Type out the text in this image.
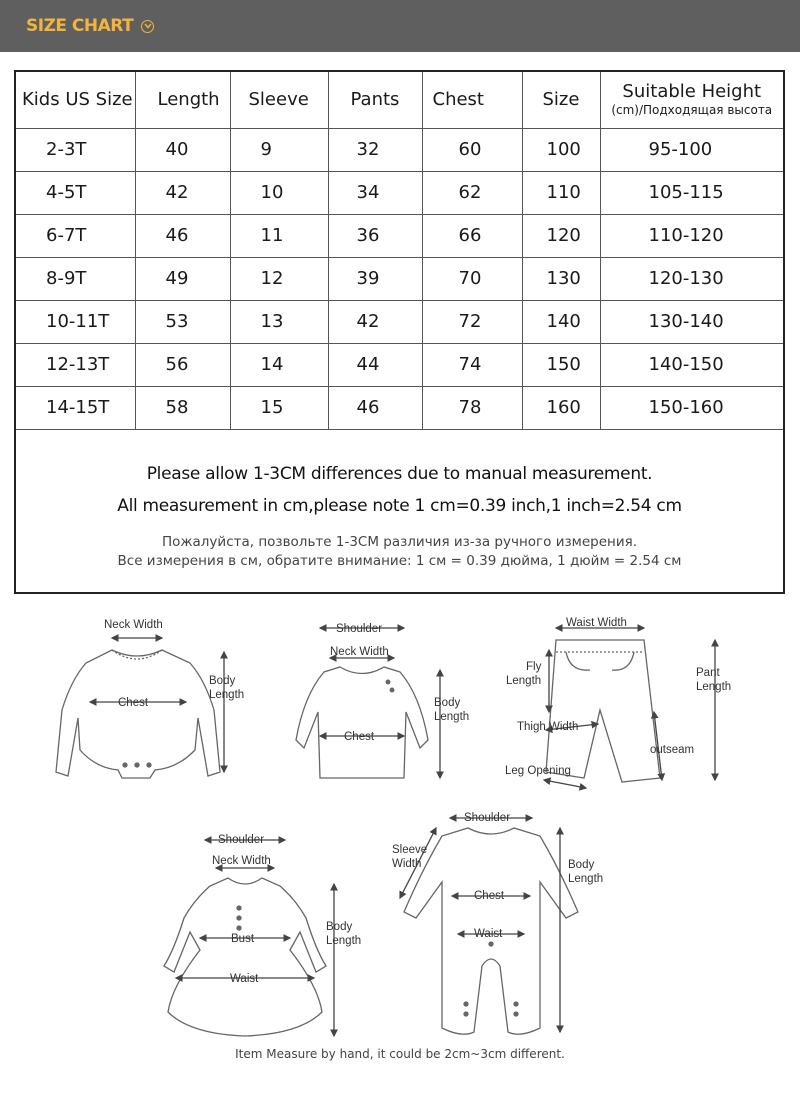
SIZE CHART
Kids US Size	Length	Sleeve	Pants	Chest	Size	Suitable Height
(cm)/Подходящая высота

2-3T	40	9	32	60	100	95-100
4-5T	42	10	34	62	110	105-115
6-7T	46	11	36	66	120	110-120
8-9T	49	12	39	70	130	120-130
10-11T	53	13	42	72	140	130-140
12-13T	56	14	44	74	150	140-150
14-15T	58	15	46	78	160	150-160
Please allow 1-3CM differences due to manual measurement.
All measurement in cm,please note 1 cm=0.39 inch,1 inch=2.54 cm
Пожалуйста, позвольте 1-3CM различия из-за ручного измерения.
Все измерения в см, обратите внимание: 1 см = 0.39 дюйма, 1 дюйм = 2.54 см
Neck Width
Chest
Body
Length
Shoulder
Neck Width
Chest
Body
Length
Waist Width
Fly
Length
Pant
Length
Thigh Width
outseam
Leg Opening
Shoulder
Neck Width
Bust
Waist
Body
Length
Shoulder
Sleeve
Width
Chest
Waist
Body
Length
Item Measure by hand, it could be 2cm~3cm different.
